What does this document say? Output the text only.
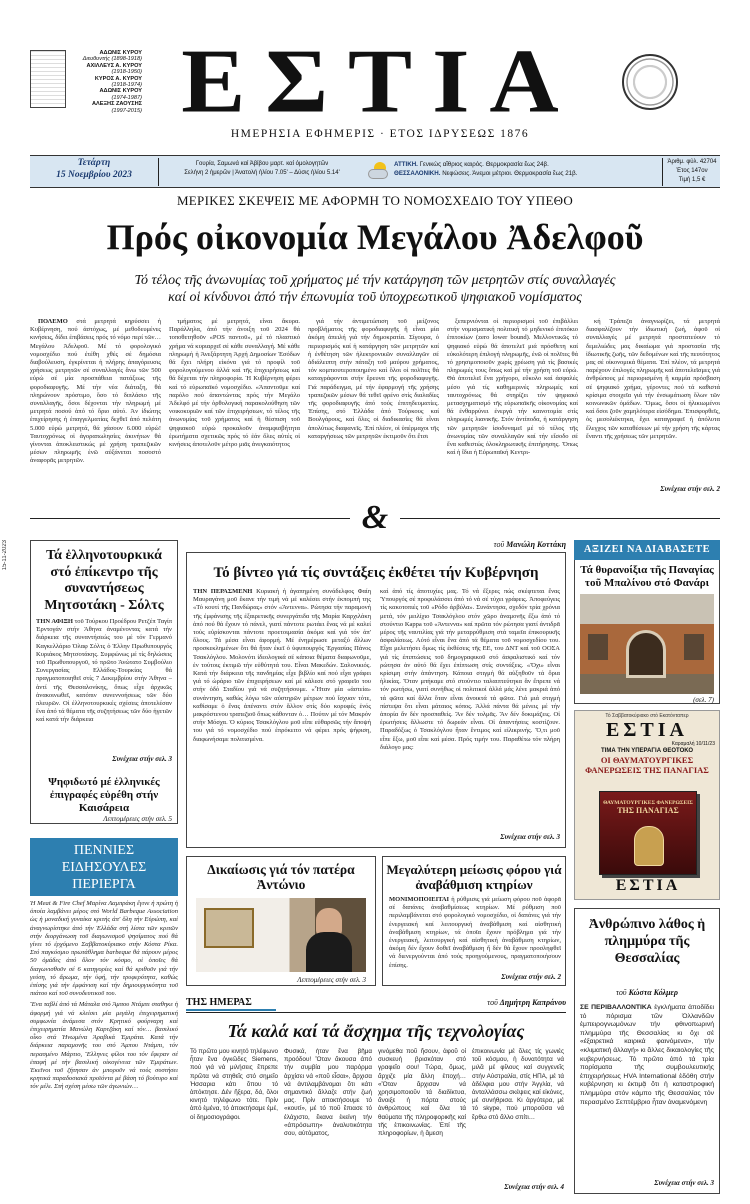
ΑΔΩΝΙΣ ΚΥΡΟΥ
Διευθυντής (1898-1918)
ΑΧΙΛΛΕΥΣ Α. ΚΥΡΟΥ
(1918-1950)
ΚΥΡΟΣ Α. ΚΥΡΟΥ
(1918-1974)
ΑΔΩΝΙΣ ΚΥΡΟΥ
(1974-1987)
ΑΛΕΞΗΣ ΖΑΟΥΣΗΣ
(1997-2015) ΕΣΤΙΑ
ΗΜΕΡΗΣΙΑ ΕΦΗΜΕΡΙΣ · ΕΤΟΣ ΙΔΡΥΣΕΩΣ 1876
Τετάρτη
15 Νοεμβρίου 2023
Γουρία, Σαμωνά καί Άβίβου μαρτ. καί όμολογητῶν
Σελήνη 2 ἡμερῶν | Άνατολή ἡλίου 7.05' – Δύσις ἡλίου 5.14'
ΑΤΤΙΚΗ. Γενικώς αἴθριος καιρός. Θερμοκρασία ἕως 24β.
ΘΕΣΣΑΛΟΝΙΚΗ. Νεφώσεις. Άνεμοι μέτριοι. Θερμοκρασία ἕως 21β.
Άριθμ. φύλ. 42704
Έτος 147ον
Τιμή 1,5 €
ΜΕΡΙΚΕΣ ΣΚΕΨΕΙΣ ΜΕ ΑΦΟΡΜΗ ΤΟ ΝΟΜΟΣΧΕΔΙΟ ΤΟΥ ΥΠΕΘΟ
Πρός οἰκονομία Μεγάλου Ἀδελφοῦ
Τό τέλος τῆς ἀνωνυμίας τοῦ χρήματος μέ τήν κατάργηση τῶν μετρητῶν στίς συναλλαγές
καί οἱ κίνδυνοι ἀπό τήν ἐπωνυμία τοῦ ὑποχρεωτικοῦ ψηφιακοῦ νομίσματος

ΠΟΛΕΜΟ στά μετρητά κηρύσσει ἡ Κυβέρνηση, πού ἀστόχως, μέ μεθοδευμένες κινήσεις, δίδει ἐπιβάσεις πρός τό νόμο περί τῶν… Μεγάλου Ἀδελφοῦ. Μέ τό φορολογικό νομοσχέδιο πού ἐτέθη χθές σέ δημόσια διαβούλευση, ἐγκρίνεται ἡ πλήρης ἀπαγόρευσις χρήσεως μετρητῶν σέ συναλλαγές ἄνω τῶν 500 εὐρώ σέ μία προσπάθεια πατάξεως τῆς φοροδιαφυγῆς. Μέ τήν νέα διάταξη, θά πληρώνουν πρόστιμο, ὅσο τό διπλάσιο τῆς συναλλαγῆς, ὅσοι δέχονται τήν πληρωμή μέ μετρητά ποσού ἀπό τό ὅριο αὐτό. Ἀν ἰδιώτης ἐπιχείρησης ἡ ἐπαγγελματίας δεχθεῖ ἀπό πελάτη 5.000 εὐρώ μετρητά, θά χάσουν 6.000 εὐρώ! Ταυτοχρόνως οἱ ἀγοραπωλησίες ἀκινήτων θά γίνονται ἀποκλειστικώς μέ χρήση τραπεζικῶν μέσων πληρωμῆς ἐνῶ αὐξάνεται ποσοστό ἀναφορᾶς μετρητῶν.

τμήματος μέ μετρητά, εἶναι ἄκυρα. Παράλληλα, ἀπό τήν ἀνοιξη τοῦ 2024 θά τοποθετηθοῦν «POS παντοῦ», μέ τό πλαστικό χρήμα νά κυριαρχεῖ σέ κάθε συναλλαγή. Μέ κάθε πληρωμή ἡ Άνεξάρτητη Άρχή Δημοσίων Έσόδων θά ἔχει πλήρη εἰκόνα γιά τό προφίλ τοῦ φορολογούμενου ἀλλά καί τῆς ἐπιχειρήσεως καί θά δέχεται τήν πληροφορία. Ἡ Κυβέρνηση φέρει καί τό εὐρωπαϊκό νομοσχέδιο. «Ἀπαντοῦμε καί παρόλο πού ἀπαντώντας πρός τήν Μεγάλο Ἀδελφό μέ τήν ὀρθολογική παρακολούθηση τῶν νοικοκυριῶν καί τῶν ἐπιχειρήσεων, τό τέλος τῆς ἀνωνυμίας τοῦ χρήματος καί ἡ θέσπιση τοῦ ψηφιακοῦ εὐρώ προκαλοῦν ἀναμφισβήτητα ἐρωτήματα σχετικῶς πρός τό ἐάν ὅλες αὐτές οἱ κινήσεις ἀποτελοῦν μέτρο μιᾶς ἀνεγκαιότητος

γιά τήν ἀντιμετώπιση τοῦ μείζονος προβλήματος τῆς φοροδιαφυγῆς ἤ εἶναι μία ἀκόμη ἀπειλή γιά τήν δημοκρατία. Σίγουρα, ὁ περιορισμός καί ἡ κατάργηση τῶν μετρητῶν καί ἡ ἐνθέτηση τῶν ἠλεκτρονικῶν συναλλαγῶν σέ ἀδιάλειπτη στήν πάταξη τοῦ μαύρου χρήματος, τόν κομπιουτεροποιημένο καί ὅλοι οἱ πολῖτες θά καταγράφονται στήν ἔρευνα τῆς φοροδιαφυγῆς. Γιά παράδειγμα, μέ τήν ἐφαρμογή τῆς χρήσης τραπεζικῶν μέσων θά τεθεῖ φρένο στίς διαλαδίες τῆς φοροδιαφυγῆς ἀπό τούς ἐπιτηδευματίες. Ἐπίσης, στό Ἐλλάδα ἀπό Τούρκους καί Βουλγάρους, καί ὅλες οἱ διαδικασίες θά εἶναι ἀπολύτως διαφανεῖς. Ἐπί πλέον, οἱ ὑπέρμαχοι τῆς καταργήσεως τῶν μετρητῶν ἐκτιμοῦν ὅτι ἔτσι

ξεπερνιόνται οἱ περιορισμοί τοῦ ἐπιβάλλει στήν νομισματική πολιτική τό μηδενικό ἐπιτόκιο ἐπιτοκίων (zero lower bound). Μελλοντικῶς τό ψηφιακό εὐρώ θά ἀποτελεῖ μιά πρόσθετη καί εὐκολότερη ἐπιλογή πληρωμῆς, ἐνῶ οἱ πολῖτες θά τό χρησιμοποιοῦν χωρίς χρέωση γιά τίς βασικές πληρωμές τους ὅπως καί μέ τήν χρήση τοῦ εὐρώ. Θά ἀποτελεῖ ἕνα χρήγορο, εὔκολο καί ἀσφαλές μέσο γιά τίς καθημερινές πληρωμές καί ταυτοχρόνως θά στηρίζει τόν ψηφιακό μετασχηματισμό τῆς εὐρωπαϊκῆς οἰκονομίας καί θά ἐνθαρρύνει ἐνεργά τήν καινοτομία στίς πληρωμές λιανικῆς. Στόν ἀντίποδα, ἡ κατάργηση τῶν μετρητῶν ἰσοδυναμεῖ μέ τό τέλος τῆς ἀνωνυμίας τῶν συναλλαγῶν καί τήν εἴσοδο σέ ἕνα καθεστώς ὁλοκληρωτικῆς ἐπιτήρησης. Ὅπως καί ἡ ἴδια ἡ Εὐρωπαϊκή Κεντρι-

κή Τράπεζα ἀναγνωρίζει, τά μετρητά διασφαλίζουν τήν ἰδιωτική ζωή, ἀφοῦ οἱ συναλλαγές μέ μετρητά προστατεύουν τό δεμελιώδες μας δικαίωμα γιά προστασία τῆς ἰδιωτικῆς ζωῆς, τῶν δεδομένων καί τῆς πευτότητος μας σέ οἰκονομικά θέματα. Ἐπί πλέον, τά μετρητά παρέχουν ἐπιλογές πληρωμῆς καί ἀποτελεῖσμες γιά ἀνθρώπους μέ περιορισμένη ἤ καμμία πρόσβαση σέ ψηφιακό χρήμα, γέροντες πού τά καθιστά κρίσιμα στοιχεῖα γιά τήν ἐνσωμάτωση ὅλων τῶν κοινωνικῶν ὁμάδων. Ὅμως, ὅσοι οἱ ἠλικιωμένοι καί ὅσοι ζοῦν χαμηλότερα εἰσόδημα. Ἐπισφορθεῖς, ὁς μεσολιέκτηκα, ἔχει καταγραφεῖ ἡ ἀπόλυτα ἔλεγχος τῶν καταθέσεων μέ τήν χρήση τῆς κάρτας ἔναντι τῆς χρήσεως τῶν μετρητῶν.

Συνέχεια στήν σελ. 2
&
15-11-2023	Τά ἑλληνοτουρκικά στό ἐπίκεντρο τῆς συναντήσεως Μητσοτάκη - Σόλτς
ΤΗΝ ΑΦΙΞΗ τοῦ Τούρκου Προέδρου Ρετζέπ Ταγίπ Έρντογάν στήν Άθηνα ἀναμένοντας κατά τήν διάρκεια τῆς συναντήσεώς του μέ τόν Γερμανό Καγκελλάριο Όλαφ Σόλτς ὁ Έλλην Πρωθυπουργός Κυριάκος Μητσοτάκης. Συμφώνως μέ τίς δηλώσεις τοῦ Πρωθυπουργοῦ, τό πρῶτο Άνώτατο Συμβούλιο Συνεργασίας Ελλάδος-Τουρκίας θά πραγματοποιηθεῖ στίς 7 Δεκεμβρίου στήν Άθηνα – ἀντί τῆς Θεσσαλονίκης, ὅπως εἶχε ἀρχικῶς ἀνακοινωθεῖ, κατόπιν συνεννοήσεως τῶν δύο πλευρῶν. Οἱ ἑλληνοτουρκικές σχέσεις ἀποτελέσαν ἕνα ἀπό τά θέματα τῆς συζητήσεως τῶν δύο ἡγετῶν καί κατά τήν διάρκεια
Συνέχεια στήν σελ. 3
Ψηφιδωτό μέ ἑλληνικές ἐπιγραφές εὑρέθη στήν Καισάρεια
Λεπτομέρειες στήν σελ. 5
ΠΕΝΝΙΕΣ ΕΙΔΗΣΟΥΛΕΣ ΠΕΡΙΕΡΓΑ

Ἡ Meat & Fire Chef Μαρίνα Λαμπράκη ἔγινε ἡ πρώτη ἡ ὁποία λαμβάνει μέρος στό World Barbeque Association ὡς ἡ μοναδική γυναίκα κριτής ἀπ' ὅλη τήν Εὐρώπη, καί ἀναγνωρίστηκε ἀπό τήν Ἐλλάδα στή λίστα τῶν κριτῶν στήν διοργάνωση τοῦ διαγωνισμοῦ ψησίματος πού θά γίνει τό ἐρχόμενο Σαββατοκύριακο στήν Κόστα Ρίκα. Στό παγκόσμιο πρωτάθλημα barbeque θά πάρουν μέρος 50 ὁμάδες ἀπό ὅλον τόν κόσμο, οἱ ὁποῖες θά διαγωνισθοῦν σέ 6 κατηγορίες καί θά κριθοῦν γιά τήν γεύση, τό ἄρωμα, τήν ὑφή, τήν τρυφερότητα, καθώς ἐπίσης γιά τήν ἐμφάνιση καί τήν δημιουργικότητα τοῦ πιάτου καί τοῦ συνοδευτικοῦ του.

Ἕνα ταβλί ἀπό τά Μάταλα στό Άμπου Ντάμπι σταθηκε ἡ ἀφορμή γιά νά κλείσει μία μεγάλη ἐπιχειρηματική συμφωνία ἀνάμεσα στόν Κρητικό φούρναρη καί ἐπιχειρηματία Μανώλη Καρτζάκη καί τόν… βασιλικό οἶκο στά Ἡνωμένα Άραβικά Ἐμιράτα. Κατά τήν διάρκεια παραμονῆς του στό Άμπου Ντάμπι, τόν περασμένο Μάρτιο, Ἕλληνες φίλοι του τόν ἔφεραν σέ ἐπαφή μέ τήν βασιλική οἰκογένεια τῶν Ἐμιράτων. Ἐκεῖνοι τοῦ ζήτησαν ἀν μποροῦν νά τούς συστήσει κρητικά παραδοσιακά προϊόντα μέ βάση τό βούτυρο καί τόν μέλι. Στή σχέση μέσω τῶν ἀγωνιών…

τοῦ Μανώλη Κοττάκη
Τό βίντεο γιά τίς συντάξεις ἐκθέτει τήν Κυβέρνηση
ΤΗΝ ΠΕΡΑΣΜΕΝΗ Κυριακή ἡ ἀγαπημένη συνάδελφος Φαίη Μαυραγάνη μοῦ ἔκανε τήν τιμή νά μέ καλέσει στήν ἐκπομπή της «Τό κουτί τῆς Πανδώρας» στόν «Άντεννα». Ρώτησα τήν παραμονή τῆς ἐμφάνισης τῆς ἐξαιρετικῆς συνεργάτιδα τῆς Μαρία Καρχιλάκη ἀπό πού θά ἔχουν τό πάνελ, γιατί πάντοτε ρωτάει ἔνας νά μέ καλεί τούς εὑρίσκονται πάντοτε προετοιμασία ἀκόμα καί γιά τόν ἀπ' ὅλους. Τά μέσα εἶναι ἀφορμή. Μέ ἐνημέρωσε μεταξύ ἄλλων προσκεκλημένων ὅτι θά ἦταν ἐκεῖ ὁ ὑφυπουργός Ἐργασίας Πάνος Τσακλόγλου. Μολονότι ἰδεολογικά σέ κάποια θέματα διαφωνοῦμε, ἐν τούτοις ἐκτιμῶ τήν εὐθύτητά του. Εἶναι Μακεδών. Σαλονικιός. Κατά τήν διάρκεια τῆς πανδημίας εἶχε βιβλίο καί πού εἶχα γράφει γιά τό ὡράριο τῶν ἐπιχειρήσεων καί μέ κάλεσε στό γραφεῖο του στήν ὁδό Σταδίου γιά νά συζητήσουμε. «Ἦταν μία «ἀστεία» συνάντηση, καθώς λόγω τῶν αὐστηρῶν μέτρων πού ἴσχυαν τότε, καθίσαμε ὁ ἕνας ἀπέναντι στόν ἄλλον στίς δύο κορυφές ἑνός μακρόστενου τραπεζιοῦ ὅπως κάθονταν ὁ… Πούτιν μέ τόν Μακρόν στήν Μόσχα. Ὁ κύριος Τσακλόγλου μοῦ εἶπε εὐθαρσῶς τήν ἄποψή του γιά τό νομοσχέδιο πού ἐπρόκειτο νά φέρει πρός ψήφιση, διαφωνήσαμε πολιτισμένα.
καί ἀπό τίς ἀποτυχίες μας. Τό νά ἔξερες πώς σκέφτεται ἕνας Ὑπουργός σέ προφυλάσσει ἀπό τό νά σέ τύχει γράφεις. Ἀποφεύγεις τίς κακοτοπιές τοῦ «Ρόδο ἀρβύλα». Συνάντησα, σχεδόν τρία χρόνια μετά, τόν μειλίχιο Τσακλόγλου στόν χῶρο ἀναμονῆς ἕξω ἀπό τό στούντιο Κappa τοῦ «Άντεννα» καί πρῶτα τόν ρώτησα γιατί ἀντιδρᾶ μέρος τῆς ναυτιλίας γιά τήν μεταρρύθμιση στά ταμεῖα ἐπικουρικῆς ἀσφαλίσεως. Αὐτό εἶναι ἕνα ἀπό τά θέματα τοῦ νομοσχεδίου του. Εἶχα μελετήσει ὅμως τίς ἐκθέσεις τῆς ΕΕ, του ΔΝΤ καί τοῦ ΟΟΣΑ γιά τίς ἐπιπτώσεις τοῦ δημογραφικοῦ στό ἀσφαλιστικό καί τόν ρώτησα ἀν αὐτό θά ἔχει ἐπίπτωση στίς συντάξεις. «Ὄχι» εἶναι κρίσιμη στήν ἀπάντηση. Κάποια στιγμή θά αὐξηθοῦν τά ὅρια ἡλικίας. Ὅταν μπήκαμε στό στούντιο ταλαιπτεύτηκα ἄν ἔπρεπε νά τόν ρωτήσω, γιατί συνήθως οἱ πολιτικοί ἀλλά μάς λένε μακριά ἀπό τά φῶτα καί ἄλλα ὅταν εἶναι ἀνοικτά τά φῶτα. Γιά μιά στιγμή πίστεψα ὅτι εἶναι μάταιος κόπος. Άλλά πάντα θά μένεις μέ τήν ἀπορία ἄν δέν προσπαθείς. Ἄν δέν τολμᾶς. Ἄν δέν δοκιμάζεις. Οἱ ἐρωτήσεις ἄλλωστε τό δωρεάν εἶναι. Οἱ ἀπαντήσεις κοστίζουν. Παραδόξως ὁ Τσακλόγλου ἦταν ἔντιμος καί εἰλικρινής. Ὅ,τι μοῦ εἶπε ἔξω, μοῦ εἶπε καί μέσα. Πρός τιμήν του. Παραθέτω τόν πλήρη διάλογο μας:
Συνέχεια στήν σελ. 3
Δικαίωσις γιά τόν πατέρα Ἀντώνιο
Λεπτομέρειες στήν σελ. 3
Μεγαλύτερη μείωσις φόρου γιά ἀναβάθμιση κτηρίων
ΜΟΝΙΜΟΠΟΙΕΙΤΑΙ ἡ ρύθμισις γιά μείωση φόρου ποῦ ἀφορᾶ σέ δαπάνες ἀναβαθμίσεως κτηρίων. Μέ ρύθμιση ποῦ περιλαμβάνεται στό φορολογικό νομοσχέδιο, οἱ δαπάνες γιά τήν ἐνεργειακή καί λειτουργική ἀναβάθμιση καί αἰσθητική ἀναβάθμιση κτηρίων, τά ὁποῖα ἔχουν πρόβλημα γιά τήν ἐνεργειακή, λειτουργική καί αἰσθητική ἀναβάθμιση κτηρίων, ἀκόμη δέν ἔχουν δοθεῖ ἀναβάθμιση ἤ δέν θά ἔχουν προσληφθεῖ νά διενεργούνται ἀπό τούς προηγούμενους, πραγματοποιήσουν ἐπίσης.
Συνέχεια στήν σελ. 2
ΤΗΣ ΗΜΕΡΑΣ	τοῦ Δημήτρη Καπράνου
Τά καλά καί τά ἄσχημα τῆς τεχνολογίας
Τό πρῶτο μου κινητό τηλέφωνο ἦταν ἕνα ὀγκῶδες Siemens, πού γιά νά μιλήσεις ἔπρεπε πρῶτα νά στηθεῖς στό σημεῖο Ἡσσαρια κάτι ὅπου τό ἀπόκτησε. Δέν ἤξερα, δά, ὅλοι κινητό τηλέφωνο τότε. Πρίν ἀπό ἐμένα, τό ἀποκτήσαμε ἐμέ, οἱ δημοσιογράφοι.
Φυσικά, ἦταν ἕνα βῆμα προόδου! Ὅταν ἄκουσα ἀπό τήν συμβία μου παρόρμα ἀρχίσει νά «ποῦ εἶσαι», ἄρχισα νά ἀντιλαμβάνομαι ὅτι κάτι σημαντικό ἄλλαζε στήν ζωή μας. Πρίν αποκτήσουμε τό «κουτί», μέ τό ποῦ ἔπιασε τό ἐλάχιστο, ἔκανα ἐκείνη τήν «ἀπρόσωπη» ἀναλυτικότητα σου, αὐτόματος,
γινόμεθα ποῦ ἤσουν, ἀφοῦ οἱ συσκευή βρισκόταν στό γραφεῖο σου! Τώρα, ὅμως, ἄρχιζε μία ἄλλη ἐποχή… «Ὅταν ἄρχισαν νά χρησιμοποιοῦν τά διαδίκτυα, ἄνοιξε ἡ πόρτα στούς ἀνθρώπους καί ὅλα τά θαύματα τῆς πληροφορικῆς καί τῆς ἐπικοινωνίας. Ἐπί τῆς πληροφορίων, ἡ ἄμεση
ἐπικοινωνία μέ ὅλες τίς γωνιές τοῦ κόσμου, ἡ δυνατότητα νά μιλᾶ μέ φίλους καί συγγενεῖς στήν Αὐστραλία, στίς ΗΠΑ, μέ τά ἀδέλφια μου στήν Άγγλία, νά ἀνταλλάσσω σκέψεις καί εἰκόνες, μέ συνήθρισα. Κι ἀργότερα, μέ τό skype, πού μποροῦσα νά ἔρθω στό ἄλλο σπίτι…
Συνέχεια στήν σελ. 4
ΑΞΙΖΕΙ ΝΑ ΔΙΑΒΑΣΕΤΕ
Τά θυρανοίξια τῆς Παναγίας τοῦ Μπαλίνου στό Φανάρι
(σελ. 7)
Τό Σαββατοκύριακο στό Εκατόνταπερ
ΕΣΤΙΑ
Καραμαλή 10/11/23
ΤΙΜΑ ΤΗΝ ΥΠΕΡΑΓΙΑ ΘΕΟΤΟΚΟ
ΟΙ ΘΑΥΜΑΤΟΥΡΓΙΚΕΣ ΦΑΝΕΡΩΣΕΙΣ ΤΗΣ ΠΑΝΑΓΙΑΣ
ΘΑΥΜΑΤΟΥΡΓΙΚΕΣ ΦΑΝΕΡΩΣΕΙΣ
ΤΗΣ ΠΑΝΑΓΙΑΣ
ΕΣΤΙΑ
Ἀνθρώπινο λάθος ἡ πλημμύρα τῆς Θεσσαλίας
τοῦ Κώστα Κόλμερ
ΣΕ ΠΕΡΙΒΑΛΛΟΝΤΙΚΑ ἐγκλήματα ἀποδίδει τό πόρισμα τῶν Ὁλλανδῶν ἐμπειρογνωμόνων τήν φθινοπωρινή πλημμύρα τῆς Θεσσαλίας κι ὄχι σέ «ἐξαιρετικά καιρικά φαινόμενα», τήν «κλιματική ἀλλαγή» κι ἄλλες δικαιολογίες τῆς κυβερνήσεως. Τό πρῶτο ἀπό τά τρία πορίσματα τῆς συμβουλευτικής ἐπιχειρήσεως HVA International ἐδόθη στήν κυβέρνηση κι ἐκτιμᾷ ὅτι ἡ καταστροφική πλημμύρα στόν κάμπο τῆς Θεσσαλίας τόν περασμένο Σεπτέμβριο ἦταν ἀναμενόμενη
Συνέχεια στήν σελ. 3
